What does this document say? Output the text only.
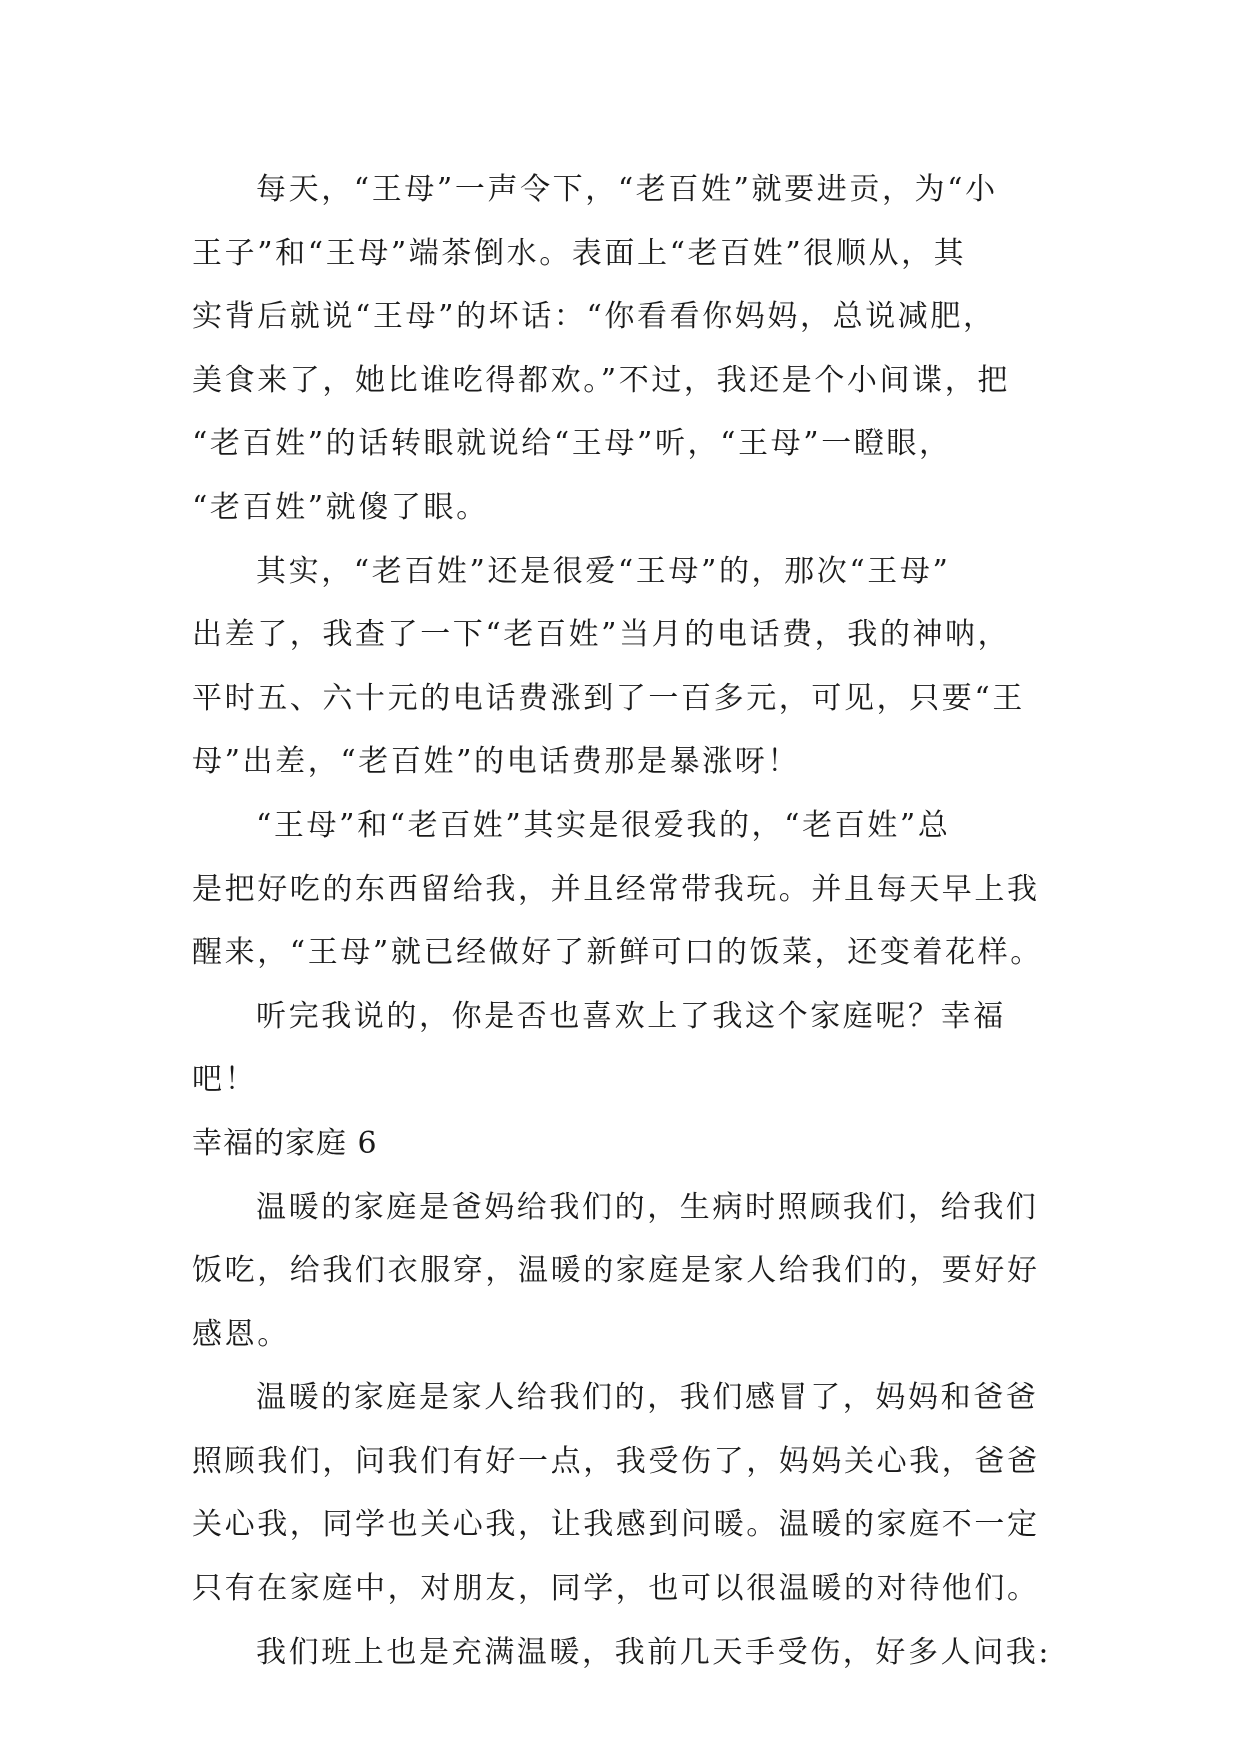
每天，“王母”一声令下，“老百姓”就要进贡，为“小
王子”和“王母”端茶倒水。表面上“老百姓”很顺从，其
实背后就说“王母”的坏话：“你看看你妈妈，总说减肥，
美食来了，她比谁吃得都欢。”不过，我还是个小间谍，把
“老百姓”的话转眼就说给“王母”听，“王母”一瞪眼，
“老百姓”就傻了眼。
其实，“老百姓”还是很爱“王母”的，那次“王母”
出差了，我查了一下“老百姓”当月的电话费，我的神呐，
平时五、六十元的电话费涨到了一百多元，可见，只要“王
母”出差，“老百姓”的电话费那是暴涨呀！
“王母”和“老百姓”其实是很爱我的，“老百姓”总
是把好吃的东西留给我，并且经常带我玩。并且每天早上我
醒来，“王母”就已经做好了新鲜可口的饭菜，还变着花样。
听完我说的，你是否也喜欢上了我这个家庭呢？幸福
吧！
幸福的家庭 6
温暖的家庭是爸妈给我们的，生病时照顾我们，给我们
饭吃，给我们衣服穿，温暖的家庭是家人给我们的，要好好
感恩。
温暖的家庭是家人给我们的，我们感冒了，妈妈和爸爸
照顾我们，问我们有好一点，我受伤了，妈妈关心我，爸爸
关心我，同学也关心我，让我感到问暖。温暖的家庭不一定
只有在家庭中，对朋友，同学，也可以很温暖的对待他们。
我们班上也是充满温暖，我前几天手受伤，好多人问我:
